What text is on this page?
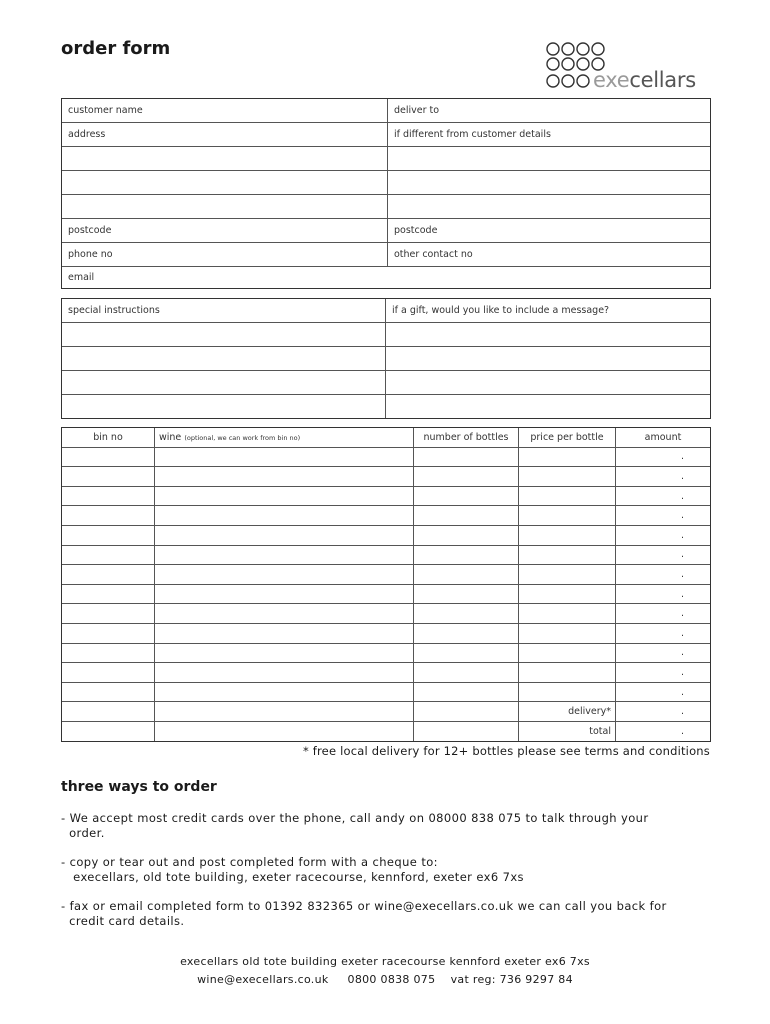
order form
execellars
customer name	deliver to
address	if different from customer details

postcode	postcode
phone no	other contact no
email	
special instructions	if a gift, would you like to include a message?

bin no	wine (optional, we can work from bin no)	number of bottles	price per bottle	amount
				.
				.
				.
				.
				.
				.
				.
				.
				.
				.
				.
				.
				.
			delivery*	.
			total	.
* free local delivery for 12+ bottles please see terms and conditions
three ways to order
- We accept most credit cards over the phone, call andy on 08000 838 075 to talk through your
order.
- copy or tear out and post completed form with a cheque to:
execellars, old tote building, exeter racecourse, kennford, exeter ex6 7xs
- fax or email completed form to 01392 832365 or wine@execellars.co.uk we can call you back for
credit card details.
execellars old tote building exeter racecourse kennford exeter ex6 7xs
wine@execellars.co.uk 0800 0838 075 vat reg: 736 9297 84
